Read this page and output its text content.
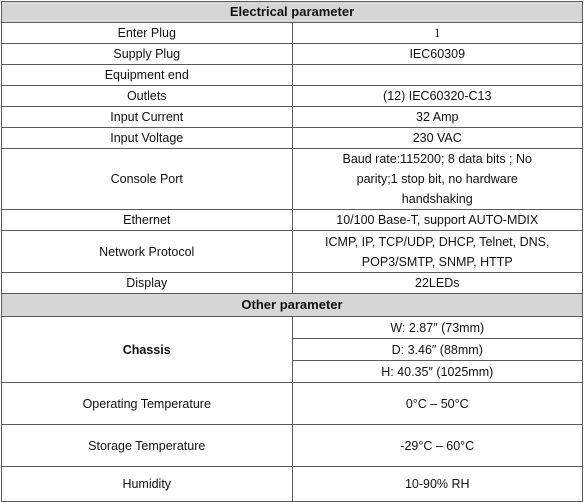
Electrical parameter	
Enter Plug	1
Supply Plug	IEC60309
Equipment end	
Outlets	(12) IEC60320-C13
Input Current	32 Amp
Input Voltage	230 VAC
Console Port	Baud rate:115200; 8 data bits ; No parity;1 stop bit, no hardware handshaking
Ethernet	10/100 Base-T, support AUTO-MDIX
Network Protocol	ICMP, IP, TCP/UDP, DHCP, Telnet, DNS, POP3/SMTP, SNMP, HTTP
Display	22LEDs
Other parameter	
Chassis	W: 2.87″ (73mm)
	D: 3.46″ (88mm)
	H: 40.35″ (1025mm)
Operating Temperature	0°C – 50°C
Storage Temperature	-29°C – 60°C
Humidity	10-90% RH
